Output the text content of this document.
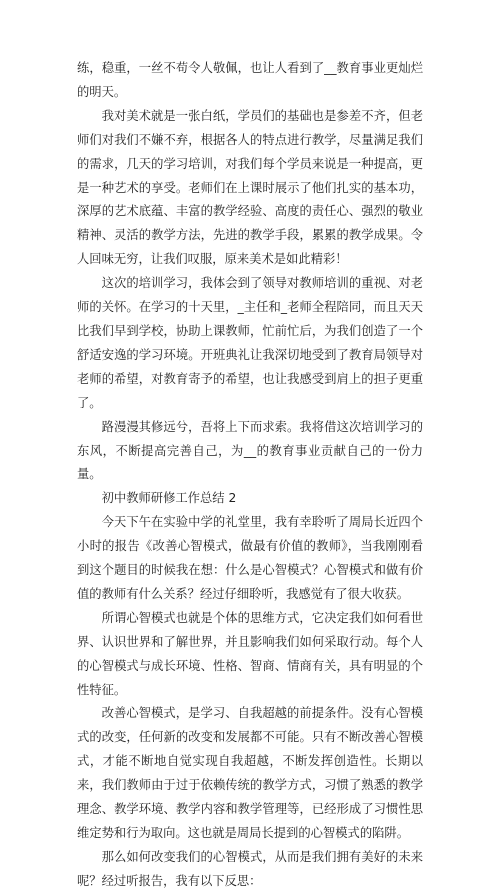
练，稳重，一丝不苟令人敬佩，也让人看到了__教育事业更灿烂的明天。

我对美术就是一张白纸，学员们的基础也是参差不齐，但老师们对我们不嫌不弃，根据各人的特点进行教学，尽量满足我们的需求，几天的学习培训，对我们每个学员来说是一种提高，更是一种艺术的享受。老师们在上课时展示了他们扎实的基本功，深厚的艺术底蕴、丰富的教学经验、高度的责任心、强烈的敬业精神、灵活的教学方法，先进的教学手段，累累的教学成果。令人回味无穷，让我们叹服，原来美术是如此精彩！

这次的培训学习，我体会到了领导对教师培训的重视、对老师的关怀。在学习的十天里，_主任和_老师全程陪同，而且天天比我们早到学校，协助上课教师，忙前忙后，为我们创造了一个舒适安逸的学习环境。开班典礼让我深切地受到了教育局领导对老师的希望，对教育寄予的希望，也让我感受到肩上的担子更重了。

路漫漫其修远兮，吾将上下而求索。我将借这次培训学习的东风，不断提高完善自己，为__的教育事业贡献自己的一份力量。

初中教师研修工作总结 2

今天下午在实验中学的礼堂里，我有幸聆听了周局长近四个小时的报告《改善心智模式，做最有价值的教师》，当我刚刚看到这个题目的时候我在想：什么是心智模式？心智模式和做有价值的教师有什么关系？经过仔细聆听，我感觉有了很大收获。

所谓心智模式也就是个体的思维方式，它决定我们如何看世界、认识世界和了解世界，并且影响我们如何采取行动。每个人的心智模式与成长环境、性格、智商、情商有关，具有明显的个性特征。

改善心智模式，是学习、自我超越的前提条件。没有心智模式的改变，任何新的改变和发展都不可能。只有不断改善心智模式，才能不断地自觉实现自我超越，不断发挥创造性。长期以来，我们教师由于过于依赖传统的教学方式，习惯了熟悉的教学理念、教学环境、教学内容和教学管理等，已经形成了习惯性思维定势和行为取向。这也就是周局长提到的心智模式的陷阱。

那么如何改变我们的心智模式，从而是我们拥有美好的未来呢？经过听报告，我有以下反思：
